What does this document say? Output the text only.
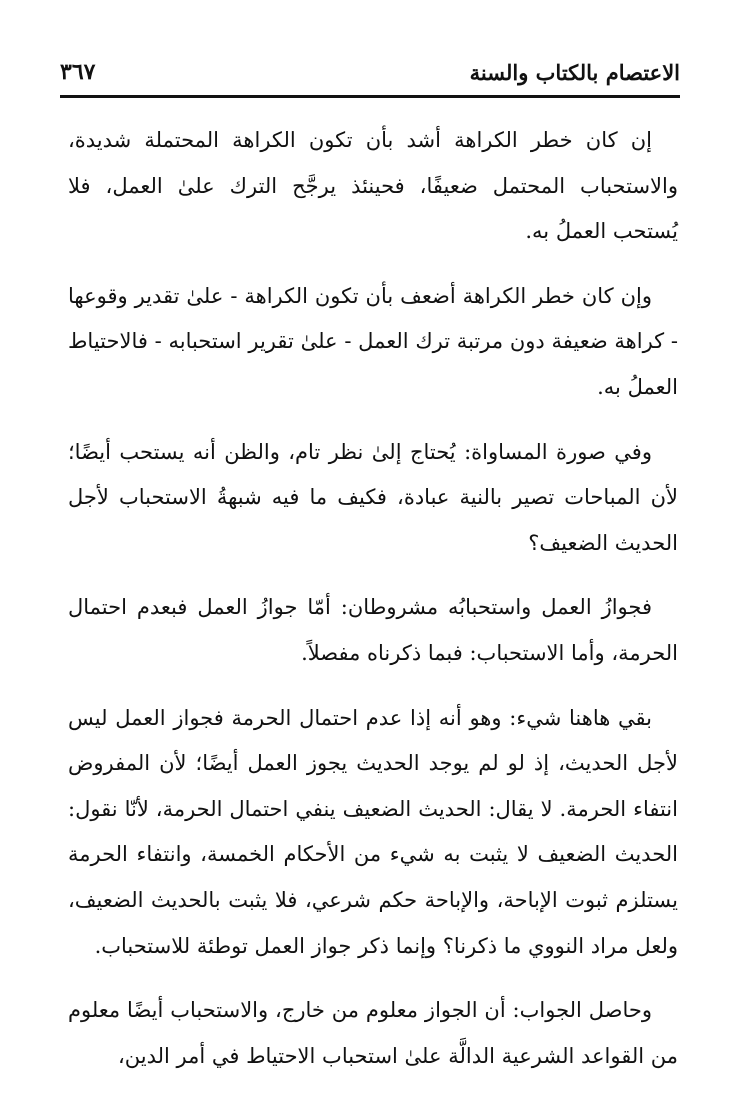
الاعتصام بالكتاب والسنة
٣٦٧

إن كان خطر الكراهة أشد بأن تكون الكراهة المحتملة شديدة، والاستحباب المحتمل ضعيفًا، فحينئذ يرجَّح الترك علىٰ العمل، فلا يُستحب العملُ به.

وإن كان خطر الكراهة أضعف بأن تكون الكراهة - علىٰ تقدير وقوعها - كراهة ضعيفة دون مرتبة ترك العمل - علىٰ تقرير استحبابه - فالاحتياط العملُ به.

وفي صورة المساواة: يُحتاج إلىٰ نظر تام، والظن أنه يستحب أيضًا؛ لأن المباحات تصير بالنية عبادة، فكيف ما فيه شبهةُ الاستحباب لأجل الحديث الضعيف؟

فجوازُ العمل واستحبابُه مشروطان: أمّا جوازُ العمل فبعدم احتمال الحرمة، وأما الاستحباب: فبما ذكرناه مفصلاً.

بقي هاهنا شيء: وهو أنه إذا عدم احتمال الحرمة فجواز العمل ليس لأجل الحديث، إذ لو لم يوجد الحديث يجوز العمل أيضًا؛ لأن المفروض انتفاء الحرمة. لا يقال: الحديث الضعيف ينفي احتمال الحرمة، لأنّا نقول: الحديث الضعيف لا يثبت به شيء من الأحكام الخمسة، وانتفاء الحرمة يستلزم ثبوت الإباحة، والإباحة حكم شرعي، فلا يثبت بالحديث الضعيف، ولعل مراد النووي ما ذكرنا؟ وإنما ذكر جواز العمل توطئة للاستحباب.

وحاصل الجواب: أن الجواز معلوم من خارج، والاستحباب أيضًا معلوم من القواعد الشرعية الدالَّة علىٰ استحباب الاحتياط في أمر الدين،
